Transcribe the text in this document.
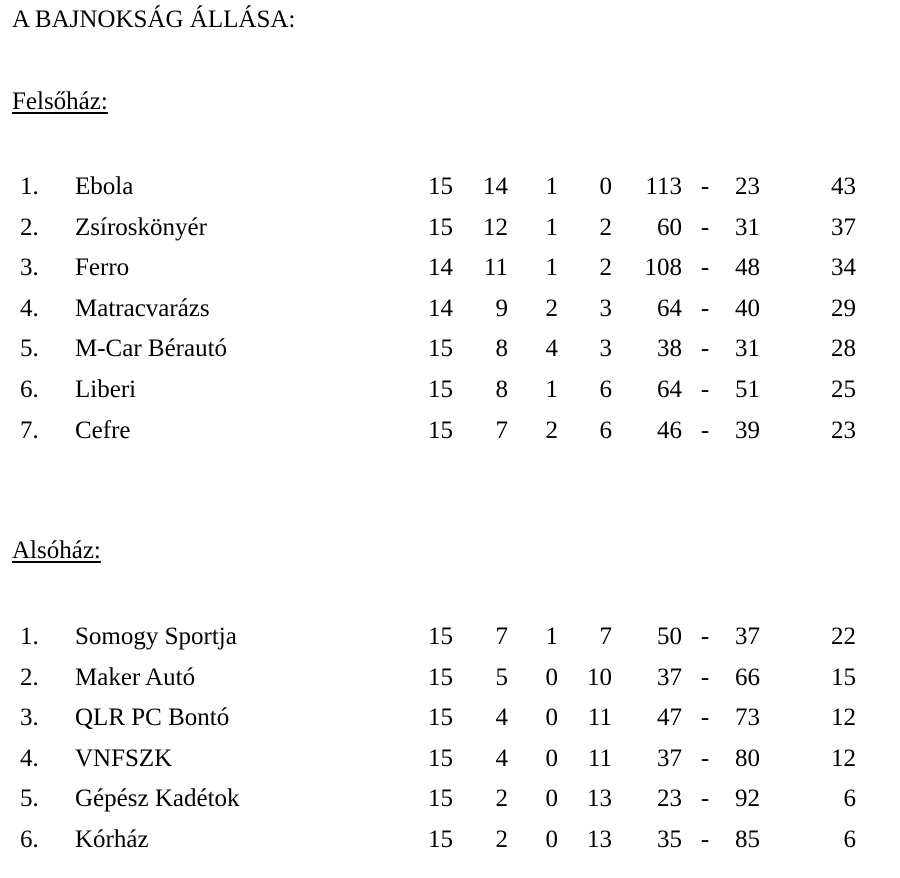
A BAJNOKSÁG ÁLLÁSA:
Felsőház:
1. Ebola	15	14	1	0	113 -	23	43
2. Zsíroskönyér	15	12	1	2	60 -	31	37
3. Ferro	14	11	1	2	108 -	48	34
4. Matracvarázs	14	9	2	3	64 -	40	29
5. M-Car Bérautó	15	8	4	3	38 -	31	28
6. Liberi	15	8	1	6	64 -	51	25
7. Cefre	15	7	2	6	46 -	39	23
Alsóház:
1. Somogy Sportja	15	7	1	7	50 -	37	22
2. Maker Autó	15	5	0	10	37 -	66	15
3. QLR PC Bontó	15	4	0	11	47 -	73	12
4. VNFSZK	15	4	0	11	37 -	80	12
5. Gépész Kadétok	15	2	0	13	23 -	92	6
6. Kórház	15	2	0	13	35 -	85	6
